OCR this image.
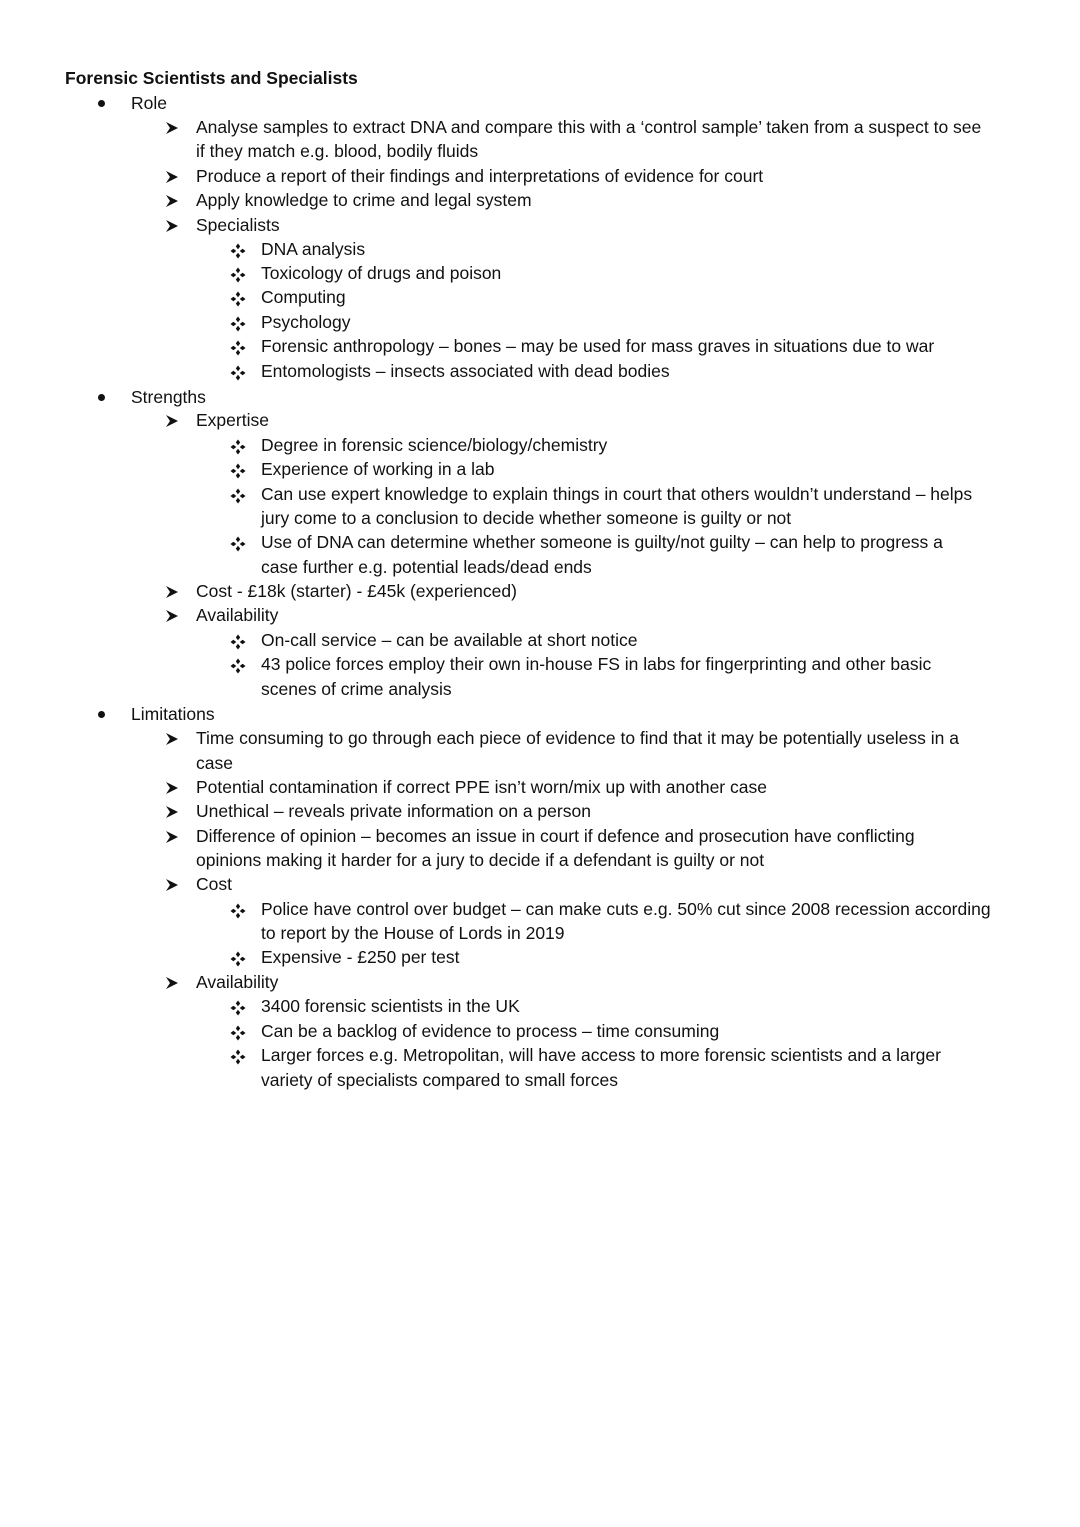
Forensic Scientists and Specialists
Role
Analyse samples to extract DNA and compare this with a ‘control sample’ taken from a suspect to see
if they match e.g. blood, bodily fluids
Produce a report of their findings and interpretations of evidence for court
Apply knowledge to crime and legal system
Specialists
DNA analysis
Toxicology of drugs and poison
Computing
Psychology
Forensic anthropology – bones – may be used for mass graves in situations due to war
Entomologists – insects associated with dead bodies
Strengths
Expertise
Degree in forensic science/biology/chemistry
Experience of working in a lab
Can use expert knowledge to explain things in court that others wouldn’t understand – helps
jury come to a conclusion to decide whether someone is guilty or not
Use of DNA can determine whether someone is guilty/not guilty – can help to progress a
case further e.g. potential leads/dead ends
Cost - £18k (starter) - £45k (experienced)
Availability
On-call service – can be available at short notice
43 police forces employ their own in-house FS in labs for fingerprinting and other basic
scenes of crime analysis
Limitations
Time consuming to go through each piece of evidence to find that it may be potentially useless in a
case
Potential contamination if correct PPE isn’t worn/mix up with another case
Unethical – reveals private information on a person
Difference of opinion – becomes an issue in court if defence and prosecution have conflicting
opinions making it harder for a jury to decide if a defendant is guilty or not
Cost
Police have control over budget – can make cuts e.g. 50% cut since 2008 recession according
to report by the House of Lords in 2019
Expensive - £250 per test
Availability
3400 forensic scientists in the UK
Can be a backlog of evidence to process – time consuming
Larger forces e.g. Metropolitan, will have access to more forensic scientists and a larger
variety of specialists compared to small forces
